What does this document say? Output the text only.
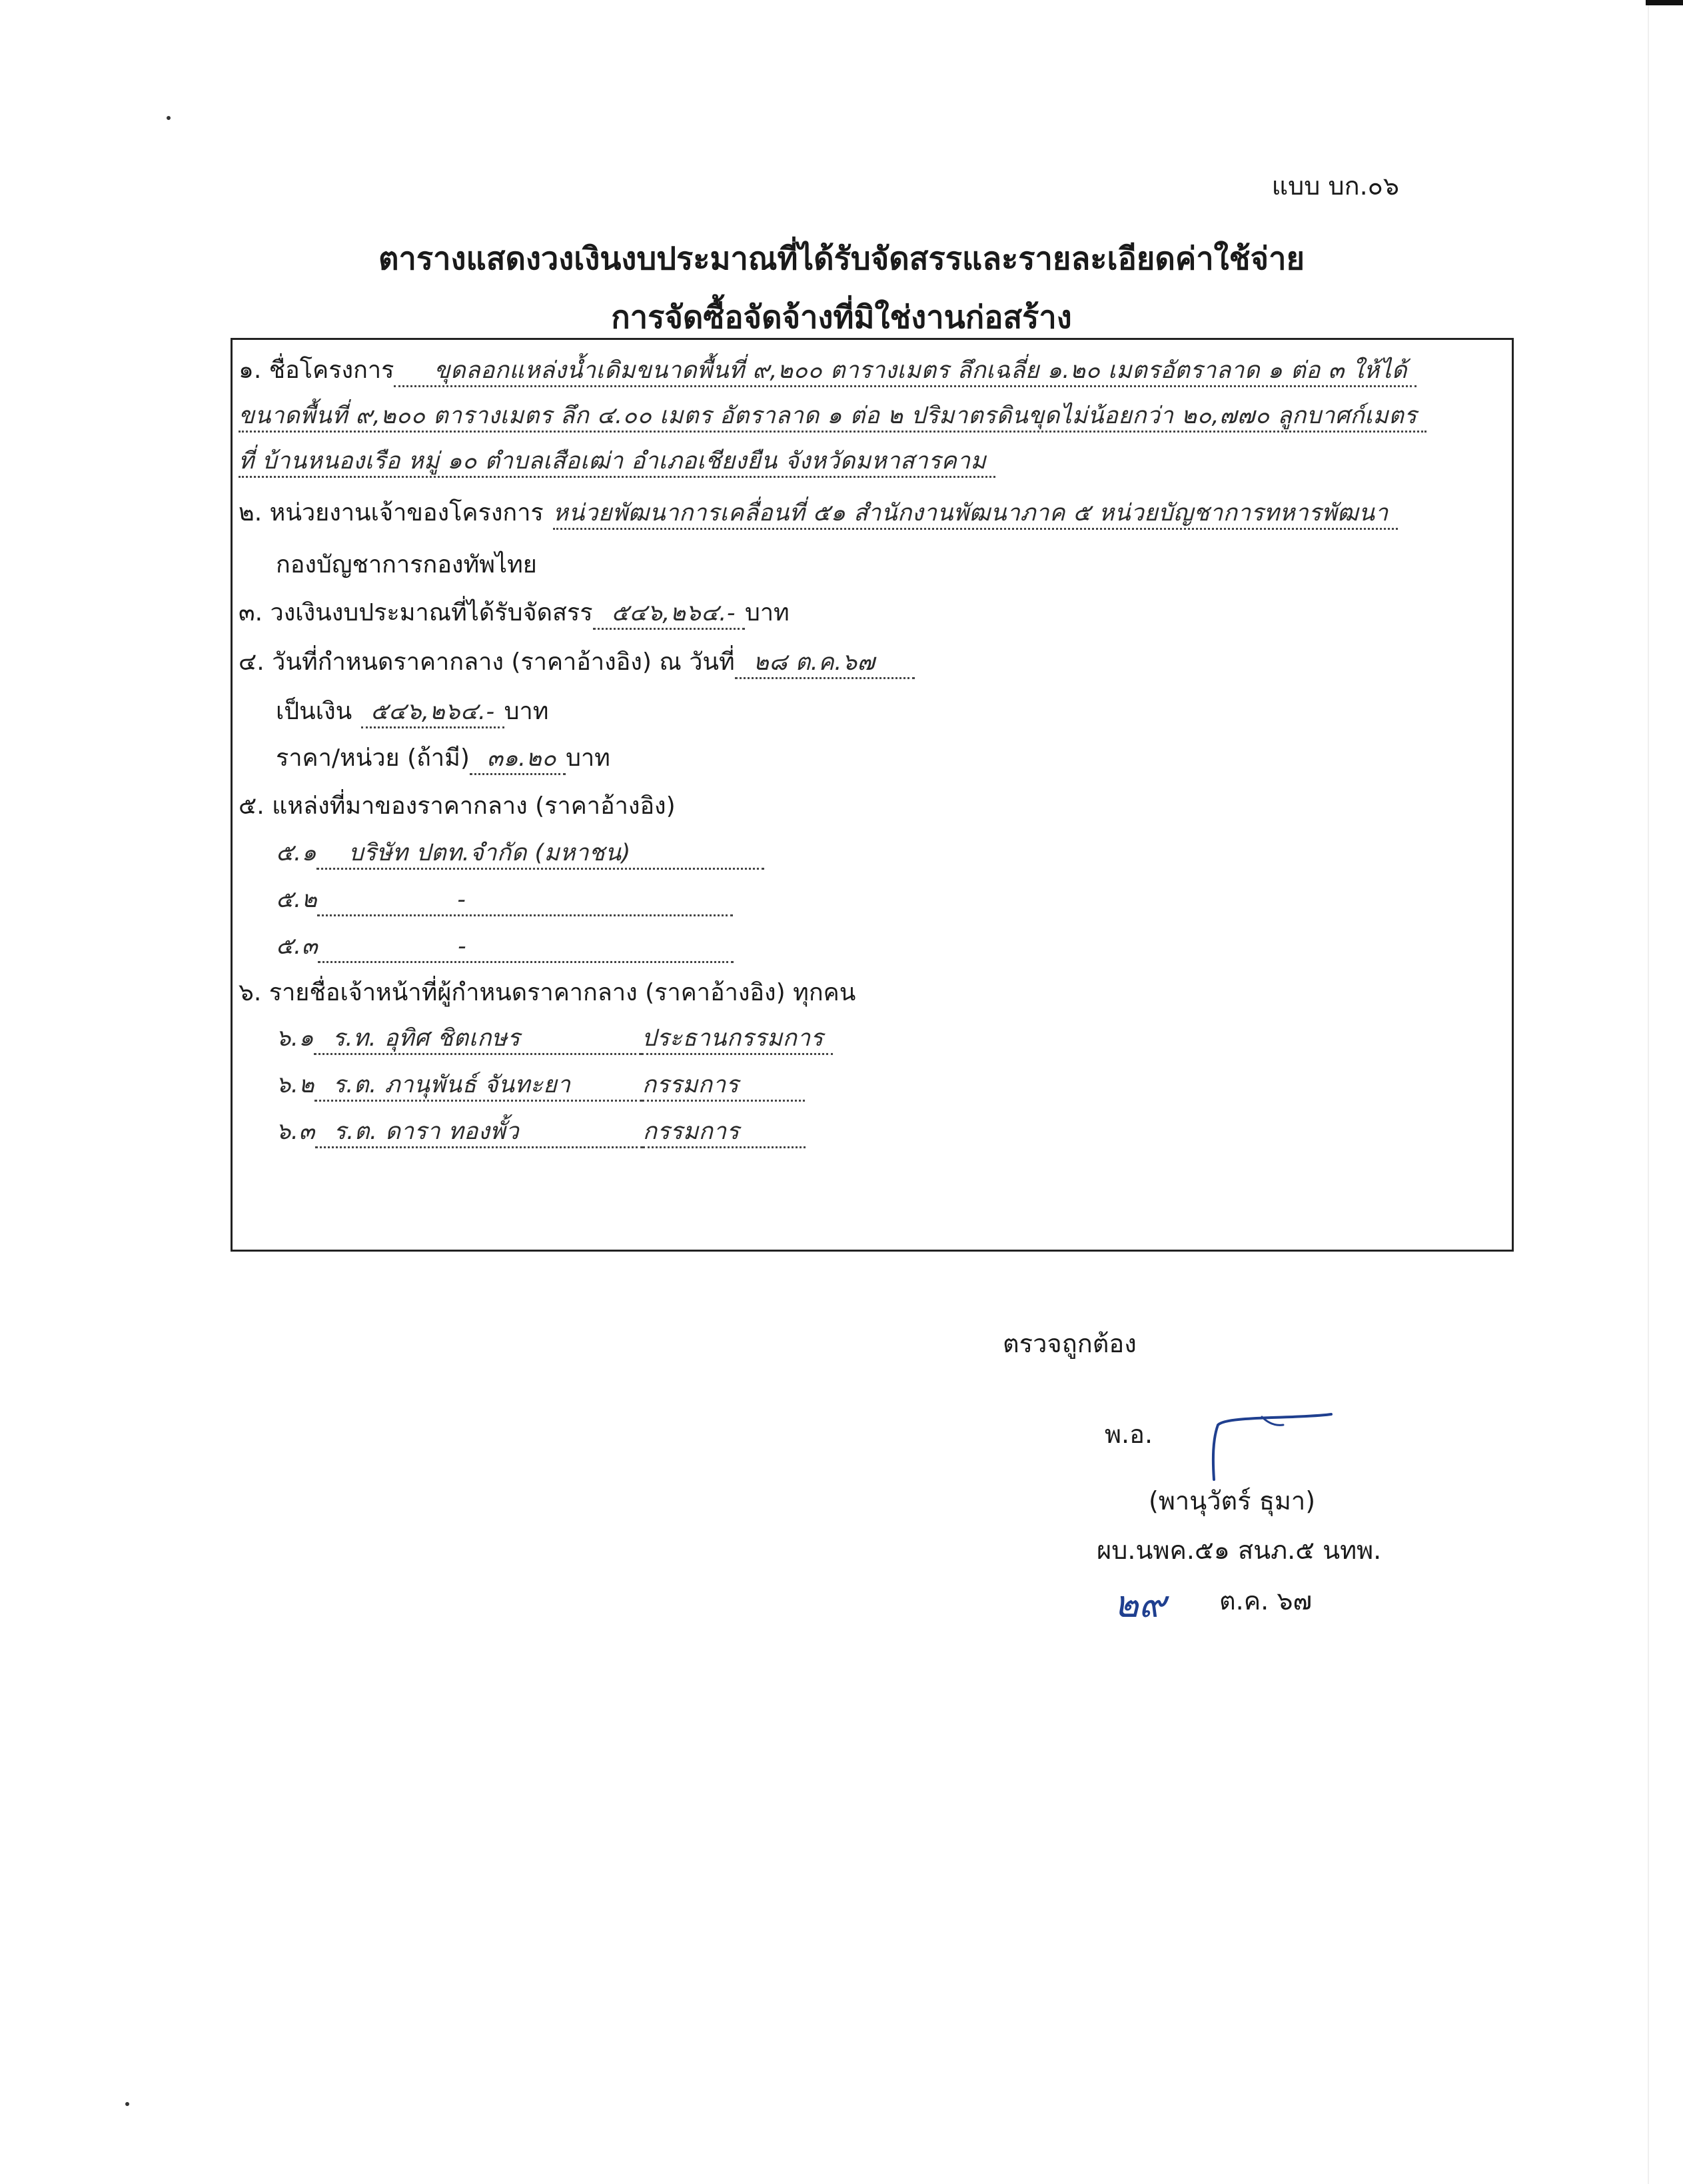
แบบ บก.๐๖
ตารางแสดงวงเงินงบประมาณที่ได้รับจัดสรรและรายละเอียดค่าใช้จ่าย
การจัดซื้อจัดจ้างที่มิใช่งานก่อสร้าง
๑. ชื่อโครงการ ขุดลอกแหล่งน้ำเดิมขนาดพื้นที่ ๙,๒๐๐ ตารางเมตร ลึกเฉลี่ย ๑.๒๐ เมตรอัตราลาด ๑ ต่อ ๓ ให้ได้
ขนาดพื้นที่ ๙,๒๐๐ ตารางเมตร ลึก ๔.๐๐ เมตร อัตราลาด ๑ ต่อ ๒ ปริมาตรดินขุดไม่น้อยกว่า ๒๐,๗๗๐ ลูกบาศก์เมตร
ที่ บ้านหนองเรือ หมู่ ๑๐ ตำบลเสือเฒ่า อำเภอเชียงยืน จังหวัดมหาสารคาม
๒. หน่วยงานเจ้าของโครงการ หน่วยพัฒนาการเคลื่อนที่ ๕๑ สำนักงานพัฒนาภาค ๕ หน่วยบัญชาการทหารพัฒนา
กองบัญชาการกองทัพไทย
๓. วงเงินงบประมาณที่ได้รับจัดสรร ๕๔๖,๒๖๔.- บาท
๔. วันที่กำหนดราคากลาง (ราคาอ้างอิง) ณ วันที่ ๒๘ ต.ค.๖๗
เป็นเงิน ๕๔๖,๒๖๔.- บาท
ราคา/หน่วย (ถ้ามี) ๓๑.๒๐ บาท
๕. แหล่งที่มาของราคากลาง (ราคาอ้างอิง)
๕.๑ บริษัท ปตท.จำกัด (มหาชน)
๕.๒	-
๕.๓	-
๖. รายชื่อเจ้าหน้าที่ผู้กำหนดราคากลาง (ราคาอ้างอิง) ทุกคน
๖.๑ ร.ท. อุทิศ ชิตเกษร	ประธานกรรมการ
๖.๒ ร.ต. ภานุพันธ์ จันทะยา	กรรมการ
๖.๓ ร.ต. ดารา ทองพั้ว	กรรมการ
ตรวจถูกต้อง
พ.อ.
(พานุวัตร์ ธุมา)
ผบ.นพค.๕๑ สนภ.๕ นทพ.
ต.ค. ๖๗
๒๙
